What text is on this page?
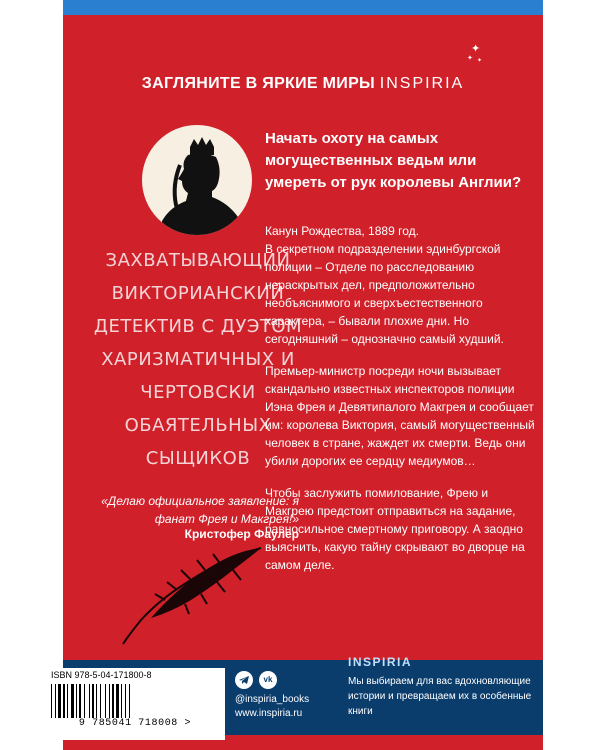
✦
✦ ✦
ЗАГЛЯНИТЕ В ЯРКИЕ МИРЫ INSPIRIA
Начать охоту на самых могущественных ведьм или умереть от рук королевы Англии?
ЗАХВАТЫВАЮЩИЙ ВИКТОРИАНСКИЙ ДЕТЕКТИВ С ДУЭТОМ ХАРИЗМАТИЧНЫХ И ЧЕРТОВСКИ ОБАЯТЕЛЬНЫХ СЫЩИКОВ
«Делаю официальное заявление: я фанат Фрея и Макгрея!»
Кристофер Фаулер

Канун Рождества, 1889 год.
В секретном подразделении эдинбургской полиции – Отделе по расследованию нераскрытых дел, предположительно необъяснимого и сверхъестественного характера, – бывали плохие дни. Но сегодняшний – однозначно самый худший.

Премьер-министр посреди ночи вызывает скандально известных инспекторов полиции Иэна Фрея и Девятипалого Макгрея и сообщает им: королева Виктория, самый могущественный человек в стране, жаждет их смерти. Ведь они убили дорогих ее сердцу медиумов…

Чтобы заслужить помилование, Фрею и Макгрею предстоит отправиться на задание, равносильное смертному приговору. А заодно выяснить, какую тайну скрывают во дворце на самом деле.

vk
@inspiria_books
www.inspiria.ru
INSPIRIA
Мы выбираем для вас вдохновляющие истории и превращаем их в особенные книги
ISBN 978-5-04-171800-8
9 785041 718008 >
